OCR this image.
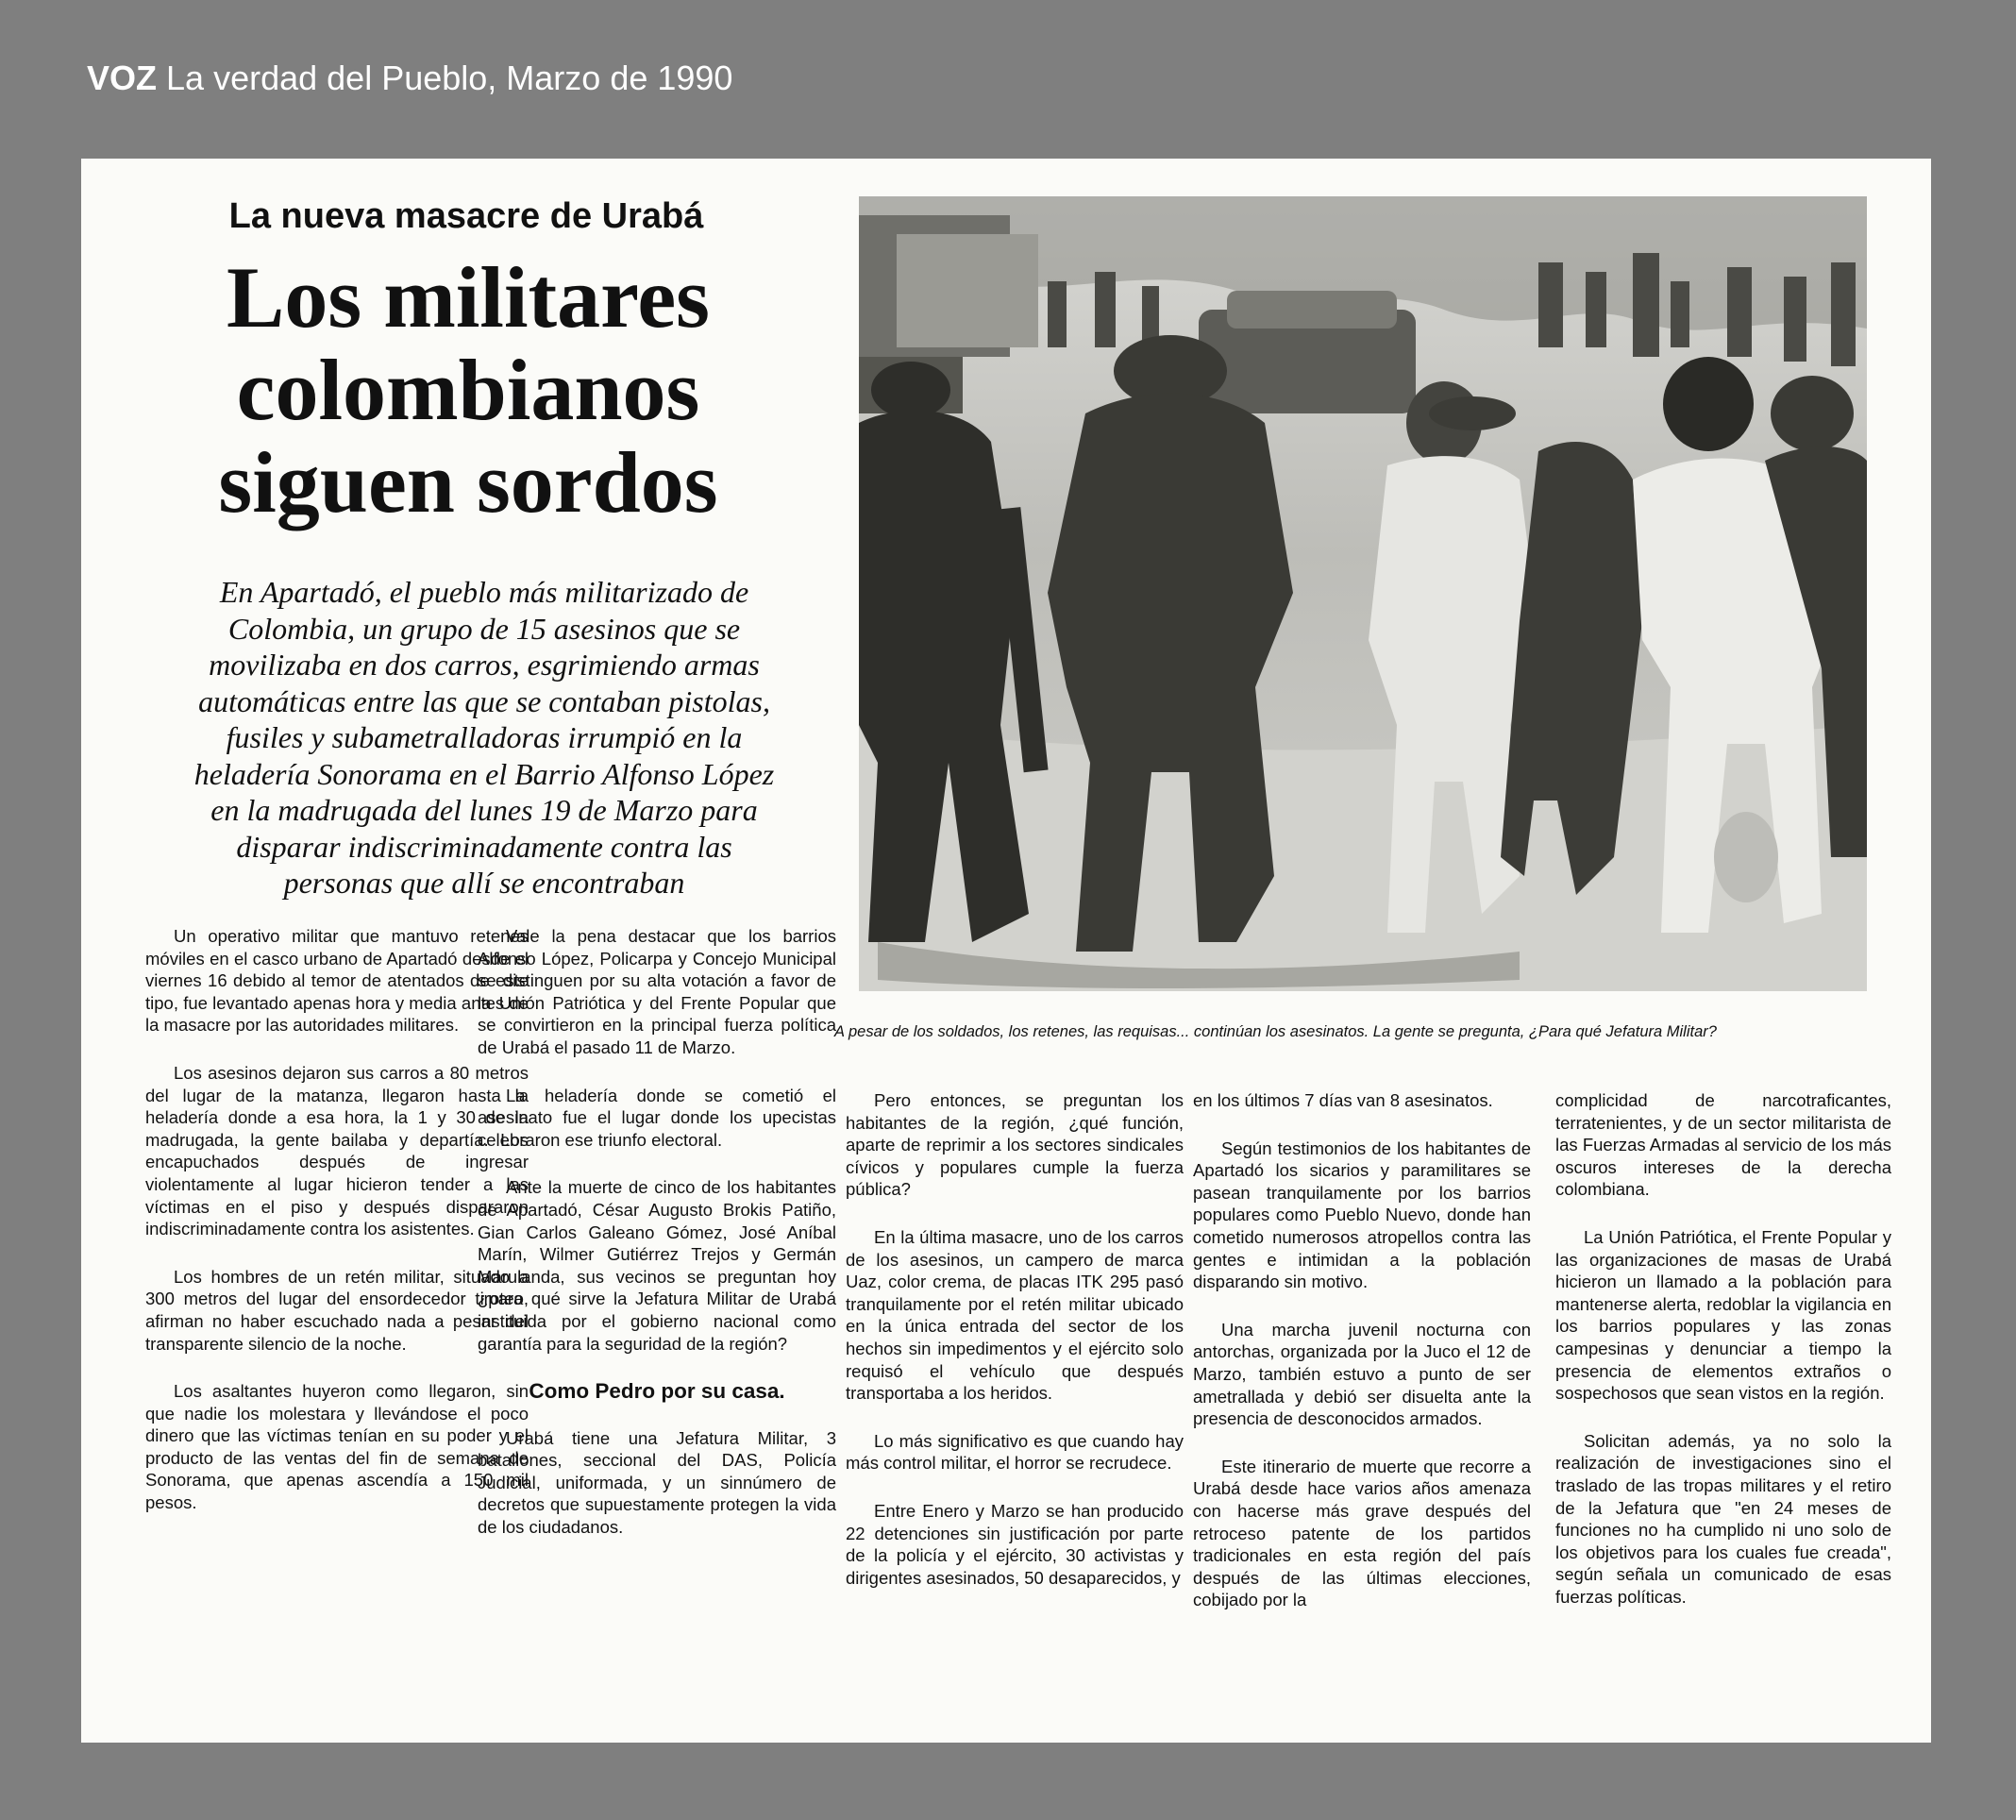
VOZ La verdad del Pueblo, Marzo de 1990
La nueva masacre de Urabá
Los militares
colombianos
siguen sordos
En Apartadó, el pueblo más militarizado de
Colombia, un grupo de 15 asesinos que se
movilizaba en dos carros, esgrimiendo armas
automáticas entre las que se contaban pistolas,
fusiles y subametralladoras irrumpió en la
heladería Sonorama en el Barrio Alfonso López
en la madrugada del lunes 19 de Marzo para
disparar indiscriminadamente contra las
personas que allí se encontraban
A pesar de los soldados, los retenes, las requisas... continúan los asesinatos. La gente se pregunta, ¿Para qué Jefatura Militar?

Un operativo militar que mantuvo retenes móviles en el casco urbano de Apartadó desde el viernes 16 debido al temor de atentados de este tipo, fue levantado apenas hora y media antes de la masacre por las autoridades militares.

Los asesinos dejaron sus carros a 80 metros del lugar de la matanza, llegaron hasta la heladería donde a esa hora, la 1 y 30 de la madrugada, la gente bailaba y departía. Los encapuchados después de ingresar violentamente al lugar hicieron tender a las víctimas en el piso y después dispararon indiscriminadamente contra los asistentes.

Los hombres de un retén militar, situado a 300 metros del lugar del ensordecedor tiroteo, afirman no haber escuchado nada a pesar del transparente silencio de la noche.

Los asaltantes huyeron como llegaron, sin que nadie los molestara y llevándose el poco dinero que las víctimas tenían en su poder y el producto de las ventas del fin de semana de Sonorama, que apenas ascendía a 150 mil pesos.

Vale la pena destacar que los barrios Alfonso López, Policarpa y Concejo Municipal se distinguen por su alta votación a favor de la Unión Patriótica y del Frente Popular que se convirtieron en la principal fuerza política de Urabá el pasado 11 de Marzo.

La heladería donde se cometió el asesinato fue el lugar donde los upecistas celebraron ese triunfo electoral.

Ante la muerte de cinco de los habitantes de Apartadó, César Augusto Brokis Patiño, Gian Carlos Galeano Gómez, José Aníbal Marín, Wilmer Gutiérrez Trejos y Germán Marulanda, sus vecinos se preguntan hoy ¿para qué sirve la Jefatura Militar de Urabá instituida por el gobierno nacional como garantía para la seguridad de la región?

Como Pedro por su casa.

Urabá tiene una Jefatura Militar, 3 batallones, seccional del DAS, Policía Judicial, uniformada, y un sinnúmero de decretos que supuestamente protegen la vida de los ciudadanos.

Pero entonces, se preguntan los habitantes de la región, ¿qué función, aparte de reprimir a los sectores sindicales cívicos y populares cumple la fuerza pública?

En la última masacre, uno de los carros de los asesinos, un campero de marca Uaz, color crema, de placas ITK 295 pasó tranquilamente por el retén militar ubicado en la única entrada del sector de los hechos sin impedimentos y el ejército solo requisó el vehículo que después transportaba a los heridos.

Lo más significativo es que cuando hay más control militar, el horror se recrudece.

Entre Enero y Marzo se han producido 22 detenciones sin justificación por parte de la policía y el ejército, 30 activistas y dirigentes asesinados, 50 desaparecidos, y

en los últimos 7 días van 8 asesinatos.

Según testimonios de los habitantes de Apartadó los sicarios y paramilitares se pasean tranquilamente por los barrios populares como Pueblo Nuevo, donde han cometido numerosos atropellos contra las gentes e intimidan a la población disparando sin motivo.

Una marcha juvenil nocturna con antorchas, organizada por la Juco el 12 de Marzo, también estuvo a punto de ser ametrallada y debió ser disuelta ante la presencia de desconocidos armados.

Este itinerario de muerte que recorre a Urabá desde hace varios años amenaza con hacerse más grave después del retroceso patente de los partidos tradicionales en esta región del país después de las últimas elecciones, cobijado por la

complicidad de narcotraficantes, terratenientes, y de un sector militarista de las Fuerzas Armadas al servicio de los más oscuros intereses de la derecha colombiana.

La Unión Patriótica, el Frente Popular y las organizaciones de masas de Urabá hicieron un llamado a la población para mantenerse alerta, redoblar la vigilancia en los barrios populares y las zonas campesinas y denunciar a tiempo la presencia de elementos extraños o sospechosos que sean vistos en la región.

Solicitan además, ya no solo la realización de investigaciones sino el traslado de las tropas militares y el retiro de la Jefatura que "en 24 meses de funciones no ha cumplido ni uno solo de los objetivos para los cuales fue creada", según señala un comunicado de esas fuerzas políticas.
